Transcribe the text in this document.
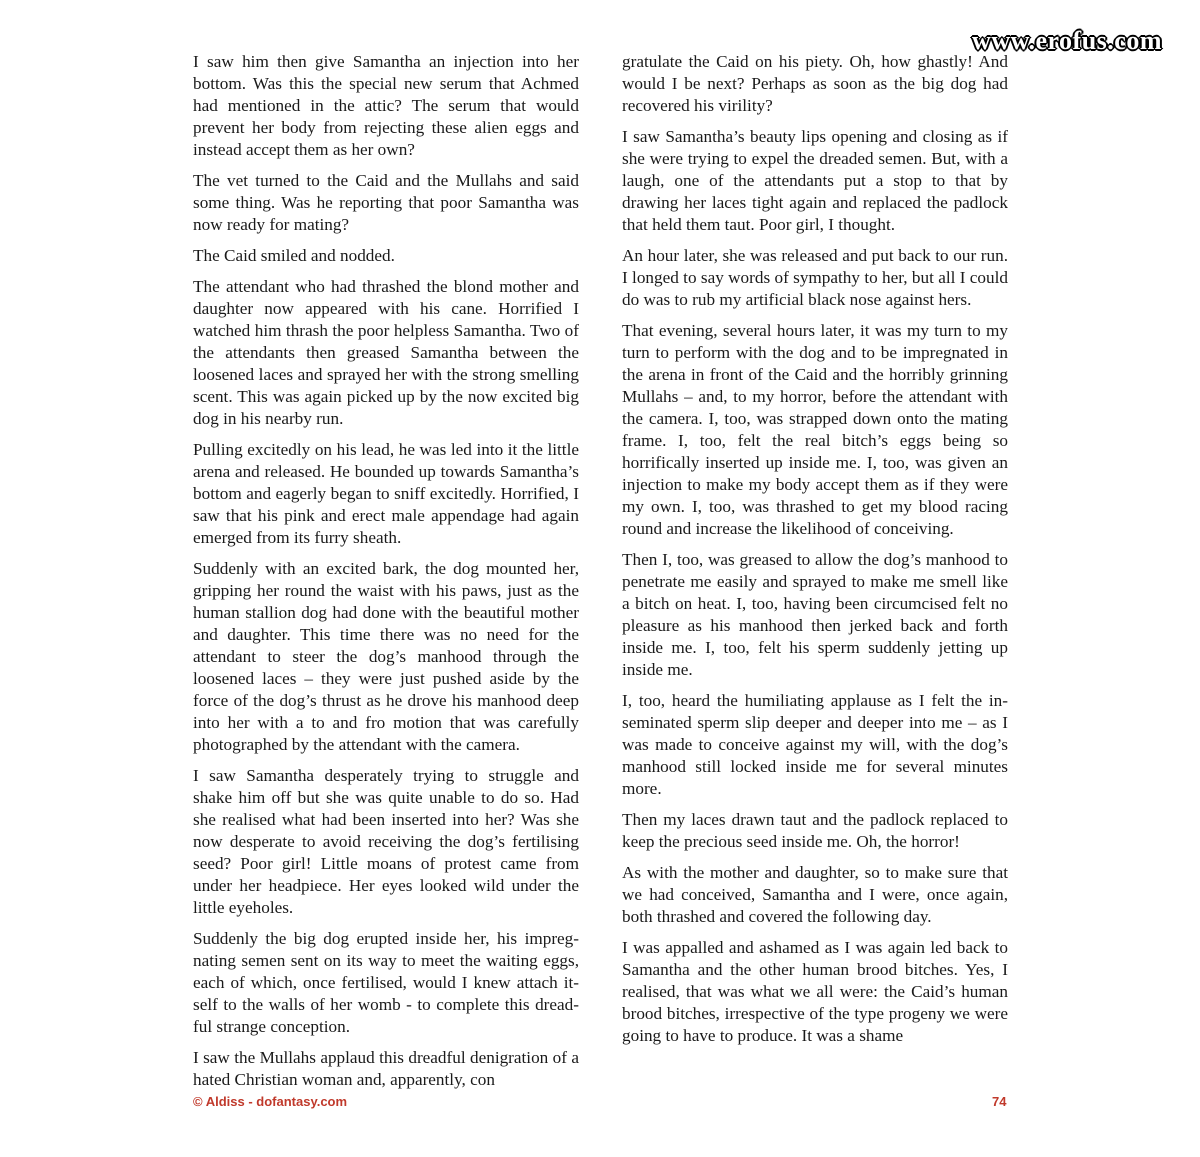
www.erofus.com

I saw him then give Samantha an injection into her bottom. Was this the special new serum that Achmed had mentioned in the attic? The serum that would prevent her body from rejecting these alien eggs and instead accept them as her own?

The vet turned to the Caid and the Mullahs and said some thing. Was he reporting that poor Samantha was now ready for mating?

The Caid smiled and nodded.

The attendant who had thrashed the blond mother and daughter now appeared with his cane. Horrified I watched him thrash the poor helpless Samantha. Two of the attendants then greased Samantha between the loosened laces and sprayed her with the strong smelling scent. This was again picked up by the now excited big dog in his nearby run.

Pulling excitedly on his lead, he was led into it the little arena and released. He bounded up towards Samantha’s bottom and eagerly began to sniff excitedly. Horrified, I saw that his pink and erect male appendage had again emerged from its furry sheath.

Suddenly with an excited bark, the dog mounted her, gripping her round the waist with his paws, just as the human stallion dog had done with the beautiful mother and daughter. This time there was no need for the attendant to steer the dog’s manhood through the loosened laces – they were just pushed aside by the force of the dog’s thrust as he drove his manhood deep into her with a to and fro motion that was carefully photographed by the attendant with the camera.

I saw Samantha desperately trying to struggle and shake him off but she was quite unable to do so. Had she realised what had been inserted into her? Was she now desperate to avoid receiving the dog’s fertilising seed? Poor girl! Little moans of protest came from under her headpiece. Her eyes looked wild under the little eyeholes.

Suddenly the big dog erupted inside her, his impregnating semen sent on its way to meet the waiting eggs, each of which, once fertilised, would I knew attach itself to the walls of her womb - to complete this dreadful strange conception.

I saw the Mullahs applaud this dreadful denigration of a hated Christian woman and, apparently, con

gratulate the Caid on his piety. Oh, how ghastly! And would I be next? Perhaps as soon as the big dog had recovered his virility?

I saw Samantha’s beauty lips opening and closing as if she were trying to expel the dreaded semen. But, with a laugh, one of the attendants put a stop to that by drawing her laces tight again and replaced the padlock that held them taut. Poor girl, I thought.

An hour later, she was released and put back to our run. I longed to say words of sympathy to her, but all I could do was to rub my artificial black nose against hers.

That evening, several hours later, it was my turn to my turn to perform with the dog and to be impregnated in the arena in front of the Caid and the horribly grinning Mullahs – and, to my horror, before the attendant with the camera. I, too, was strapped down onto the mating frame. I, too, felt the real bitch’s eggs being so horrifically inserted up inside me. I, too, was given an injection to make my body accept them as if they were my own. I, too, was thrashed to get my blood racing round and increase the likelihood of conceiving.

Then I, too, was greased to allow the dog’s manhood to penetrate me easily and sprayed to make me smell like a bitch on heat. I, too, having been circumcised felt no pleasure as his manhood then jerked back and forth inside me. I, too, felt his sperm suddenly jetting up inside me.

I, too, heard the humiliating applause as I felt the inseminated sperm slip deeper and deeper into me – as I was made to conceive against my will, with the dog’s manhood still locked inside me for several minutes more.

Then my laces drawn taut and the padlock replaced to keep the precious seed inside me. Oh, the horror!

As with the mother and daughter, so to make sure that we had conceived, Samantha and I were, once again, both thrashed and covered the following day.

I was appalled and ashamed as I was again led back to Samantha and the other human brood bitches. Yes, I realised, that was what we all were: the Caid’s human brood bitches, irrespective of the type progeny we were going to have to produce. It was a shame

© Aldiss - dofantasy.com	74
